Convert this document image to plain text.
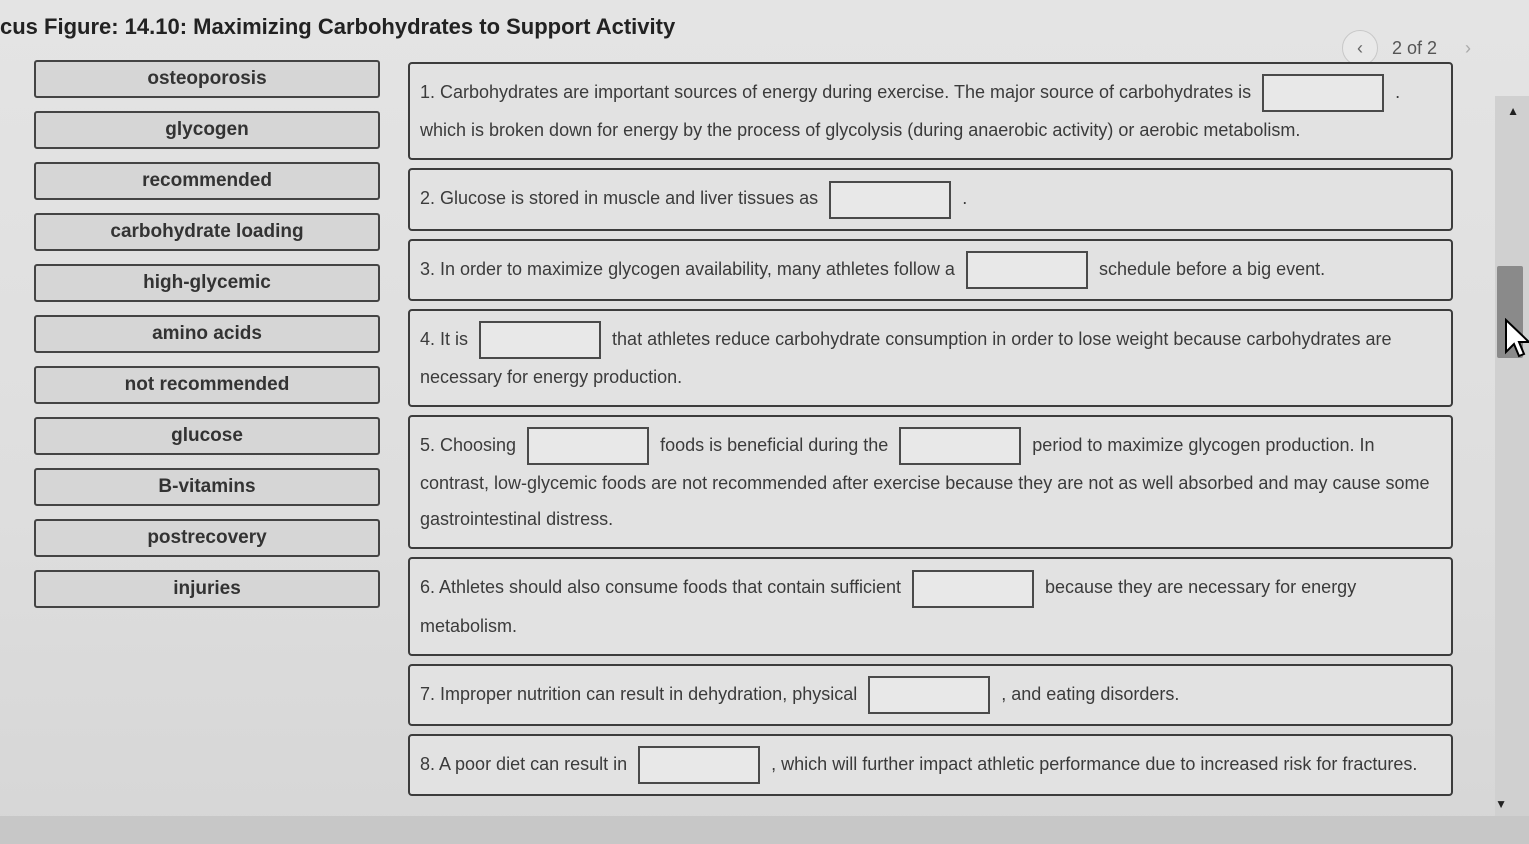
cus Figure: 14.10: Maximizing Carbohydrates to Support Activity
‹ 2 of 2 ›
osteoporosis
glycogen
recommended
carbohydrate loading
high-glycemic
amino acids
not recommended
glucose
B-vitamins
postrecovery
injuries
1. Carbohydrates are important sources of energy during exercise. The major source of carbohydrates is	. which is broken down for energy by the process of glycolysis (during anaerobic activity) or aerobic metabolism.
2. Glucose is stored in muscle and liver tissues as	.
3. In order to maximize glycogen availability, many athletes follow a	schedule before a big event.
4. It is	that athletes reduce carbohydrate consumption in order to lose weight because carbohydrates are necessary for energy production.
5. Choosing	foods is beneficial during the	period to maximize glycogen production. In contrast, low-glycemic foods are not recommended after exercise because they are not as well absorbed and may cause some gastrointestinal distress.
6. Athletes should also consume foods that contain sufficient	because they are necessary for energy metabolism.
7. Improper nutrition can result in dehydration, physical	, and eating disorders.
8. A poor diet can result in	, which will further impact athletic performance due to increased risk for fractures.
▲
▼
